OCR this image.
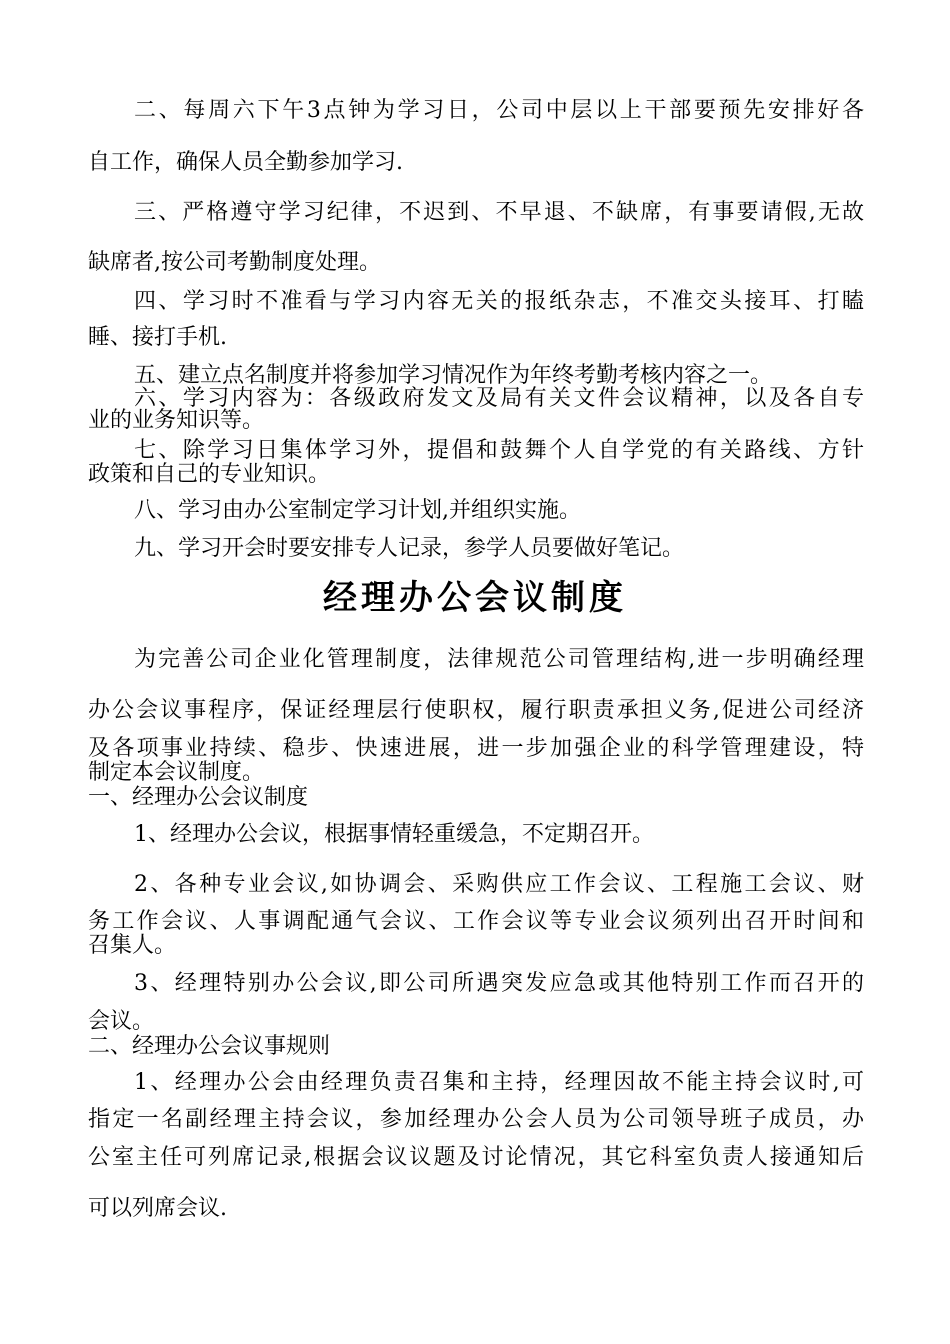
二、每周六下午3点钟为学习日，公司中层以上干部要预先安排好各
自工作，确保人员全勤参加学习.
三、严格遵守学习纪律，不迟到、不早退、不缺席，有事要请假,无故
缺席者,按公司考勤制度处理。
四、学习时不准看与学习内容无关的报纸杂志，不准交头接耳、打瞌
睡、接打手机.
五、建立点名制度并将参加学习情况作为年终考勤考核内容之一。
六、学习内容为：各级政府发文及局有关文件会议精神，以及各自专
业的业务知识等。
七、除学习日集体学习外，提倡和鼓舞个人自学党的有关路线、方针
政策和自己的专业知识。
八、学习由办公室制定学习计划,并组织实施。
九、学习开会时要安排专人记录，参学人员要做好笔记。
经理办公会议制度
为完善公司企业化管理制度，法律规范公司管理结构,进一步明确经理
办公会议事程序，保证经理层行使职权，履行职责承担义务,促进公司经济
及各项事业持续、稳步、快速进展，进一步加强企业的科学管理建设，特
制定本会议制度。
一、经理办公会议制度
1、经理办公会议，根据事情轻重缓急，不定期召开。
2、各种专业会议,如协调会、采购供应工作会议、工程施工会议、财
务工作会议、人事调配通气会议、工作会议等专业会议须列出召开时间和
召集人。
3、经理特别办公会议,即公司所遇突发应急或其他特别工作而召开的
会议。
二、经理办公会议事规则
1、经理办公会由经理负责召集和主持，经理因故不能主持会议时,可
指定一名副经理主持会议，参加经理办公会人员为公司领导班子成员，办
公室主任可列席记录,根据会议议题及讨论情况，其它科室负责人接通知后
可以列席会议.
